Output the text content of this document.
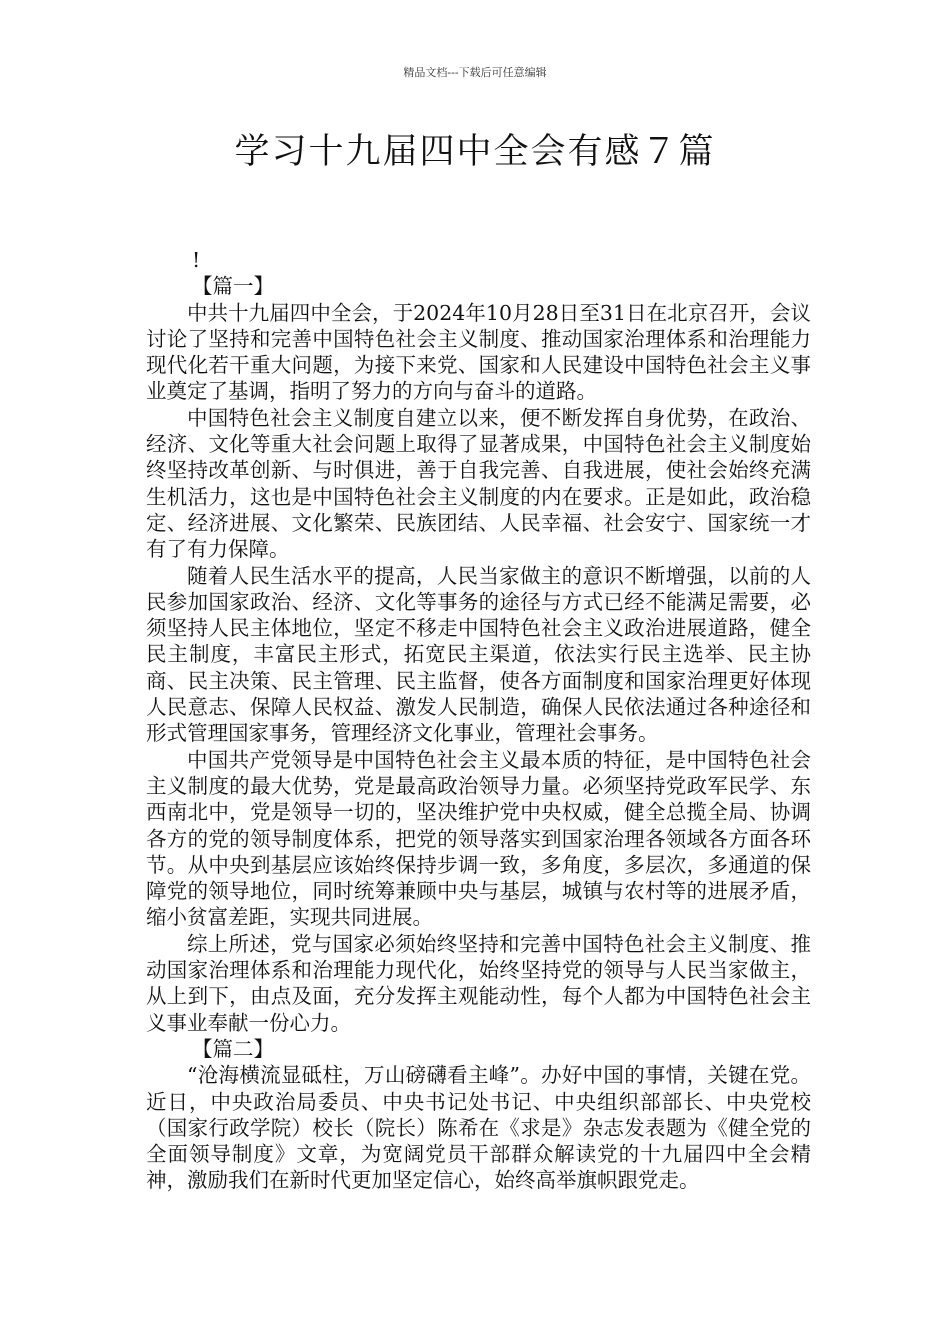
精品文档---下载后可任意编辑
学习十九届四中全会有感７篇
!
【篇一】

中共十九届四中全会，于2024年10月28日至31日在北京召开，会议讨论了坚持和完善中国特色社会主义制度、推动国家治理体系和治理能力现代化若干重大问题，为接下来党、国家和人民建设中国特色社会主义事业奠定了基调，指明了努力的方向与奋斗的道路。

中国特色社会主义制度自建立以来，便不断发挥自身优势，在政治、经济、文化等重大社会问题上取得了显著成果，中国特色社会主义制度始终坚持改革创新、与时俱进，善于自我完善、自我进展，使社会始终充满生机活力，这也是中国特色社会主义制度的内在要求。正是如此，政治稳定、经济进展、文化繁荣、民族团结、人民幸福、社会安宁、国家统一才有了有力保障。

随着人民生活水平的提高，人民当家做主的意识不断增强，以前的人民参加国家政治、经济、文化等事务的途径与方式已经不能满足需要，必须坚持人民主体地位，坚定不移走中国特色社会主义政治进展道路，健全民主制度，丰富民主形式，拓宽民主渠道，依法实行民主选举、民主协商、民主决策、民主管理、民主监督，使各方面制度和国家治理更好体现人民意志、保障人民权益、激发人民制造，确保人民依法通过各种途径和形式管理国家事务，管理经济文化事业，管理社会事务。

中国共产党领导是中国特色社会主义最本质的特征，是中国特色社会主义制度的最大优势，党是最高政治领导力量。必须坚持党政军民学、东西南北中，党是领导一切的，坚决维护党中央权威，健全总揽全局、协调各方的党的领导制度体系，把党的领导落实到国家治理各领域各方面各环节。从中央到基层应该始终保持步调一致，多角度，多层次，多通道的保障党的领导地位，同时统筹兼顾中央与基层，城镇与农村等的进展矛盾，缩小贫富差距，实现共同进展。

综上所述，党与国家必须始终坚持和完善中国特色社会主义制度、推动国家治理体系和治理能力现代化，始终坚持党的领导与人民当家做主，从上到下，由点及面，充分发挥主观能动性，每个人都为中国特色社会主义事业奉献一份心力。

【篇二】

“沧海横流显砥柱，万山磅礴看主峰”。办好中国的事情，关键在党。近日，中央政治局委员、中央书记处书记、中央组织部部长、中央党校（国家行政学院）校长（院长）陈希在《求是》杂志发表题为《健全党的全面领导制度》文章，为宽阔党员干部群众解读党的十九届四中全会精神，激励我们在新时代更加坚定信心，始终高举旗帜跟党走。
